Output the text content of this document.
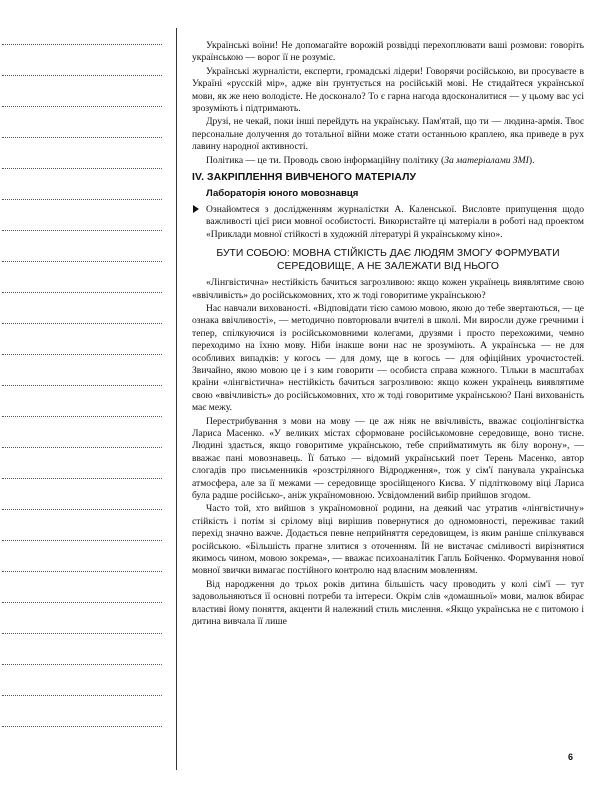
Українські воїни! Не допомагайте ворожій розвідці перехоплювати ваші розмови: говоріть українською — ворог її не розуміє.

Українські журналісти, експерти, громадські лідери! Говорячи російською, ви просуваєте в Україні «русскій мір», адже він ґрунтується на російській мові. Не стидайтеся української мови, як же нею володієте. Не досконало? То є гарна нагода вдосконалитися — у цьому вас усі зрозуміють і підтримають.

Друзі, не чекай, поки інші перейдуть на українську. Пам'ятай, що ти — людина-армія. Твоє персональне долучення до тотальної війни може стати останньою краплею, яка приведе в рух лавину народної активності.

Політика — це ти. Проводь свою інформаційну політику (За матеріалами ЗМІ).

IV. ЗАКРІПЛЕННЯ ВИВЧЕНОГО МАТЕРІАЛУ
Лабораторія юного мовознавця
Ознайомтеся з дослідженням журналістки А. Каленської. Висловте припущення щодо важливості цієї риси мовної особистості. Використайте ці матеріали в роботі над проектом «Приклади мовної стійкості в художній літературі й українському кіно».
БУТИ СОБОЮ: МОВНА СТІЙКІСТЬ ДАЄ ЛЮДЯМ ЗМОГУ ФОРМУВАТИ
СЕРЕДОВИЩЕ, А НЕ ЗАЛЕЖАТИ ВІД НЬОГО

«Лінгвістична» нестійкість бачиться загрозливою: якщо кожен українець виявлятиме свою «ввічливість» до російськомовних, хто ж тоді говоритиме українською?

Нас навчали вихованості. «Відповідати тією самою мовою, якою до тебе звертаються, — це ознака ввічливості», — методично повторювали вчителі в школі. Ми виросли дуже гречними і тепер, спілкуючися із російськомовними колегами, друзями і просто перехожими, чемно переходимо на їхню мову. Ніби інакше вони нас не зрозуміють. А українська — не для особливих випадків: у когось — для дому, ще в когось — для офіційних урочистостей. Звичайно, якою мовою це і з ким говорити — особиста справа кожного. Тільки в масштабах країни «лінгвістична» нестійкість бачиться загрозливою: якщо кожен українець виявлятиме свою «ввічливість» до російськомовних, хто ж тоді говоритиме українською? Пані вихованість має межу.

Перестрибування з мови на мову — це аж ніяк не ввічливість, вважає соціолінгвістка Лариса Масенко. «У великих містах сформоване російськомовне середовище, воно тисне. Людині здається, якщо говоритиме українською, тебе сприйматимуть як білу ворону», — вважає пані мовознавець. Її батько — відомий український поет Терень Масенко, автор слогадів про письменників «розстріляного Відродження», тож у сім'ї панувала українська атмосфера, але за її межами — середовище зросійщеного Києва. У підлітковому віці Лариса була радше російсько-, аніж україномовною. Усвідомлений вибір прийшов згодом.

Часто той, хто вийшов з україномовної родини, на деякий час утратив «лінгвістичну» стійкість і потім зі срілому віці вирішив повернутися до одномовності, переживає такий перехід значно важче. Додається певне неприйняття середовищем, із яким раніше спілкувався російською. «Більшість прагне злитися з оточенням. Їй не вистачає сміливості вирізнятися якимось чином, мовою зокрема», — вважає психоаналітик Гапль Бойченко. Формування нової мовної звички вимагає постійного контролю над власним мовленням.

Від народження до трьох років дитина більшість часу проводить у колі сім'ї — тут задовольняються її основні потреби та інтереси. Окрім слів «домашньої» мови, малюк вбирає властиві йому поняття, акценти й належний стиль мислення. «Якщо українська не є питомою і дитина вивчала її лише

6
